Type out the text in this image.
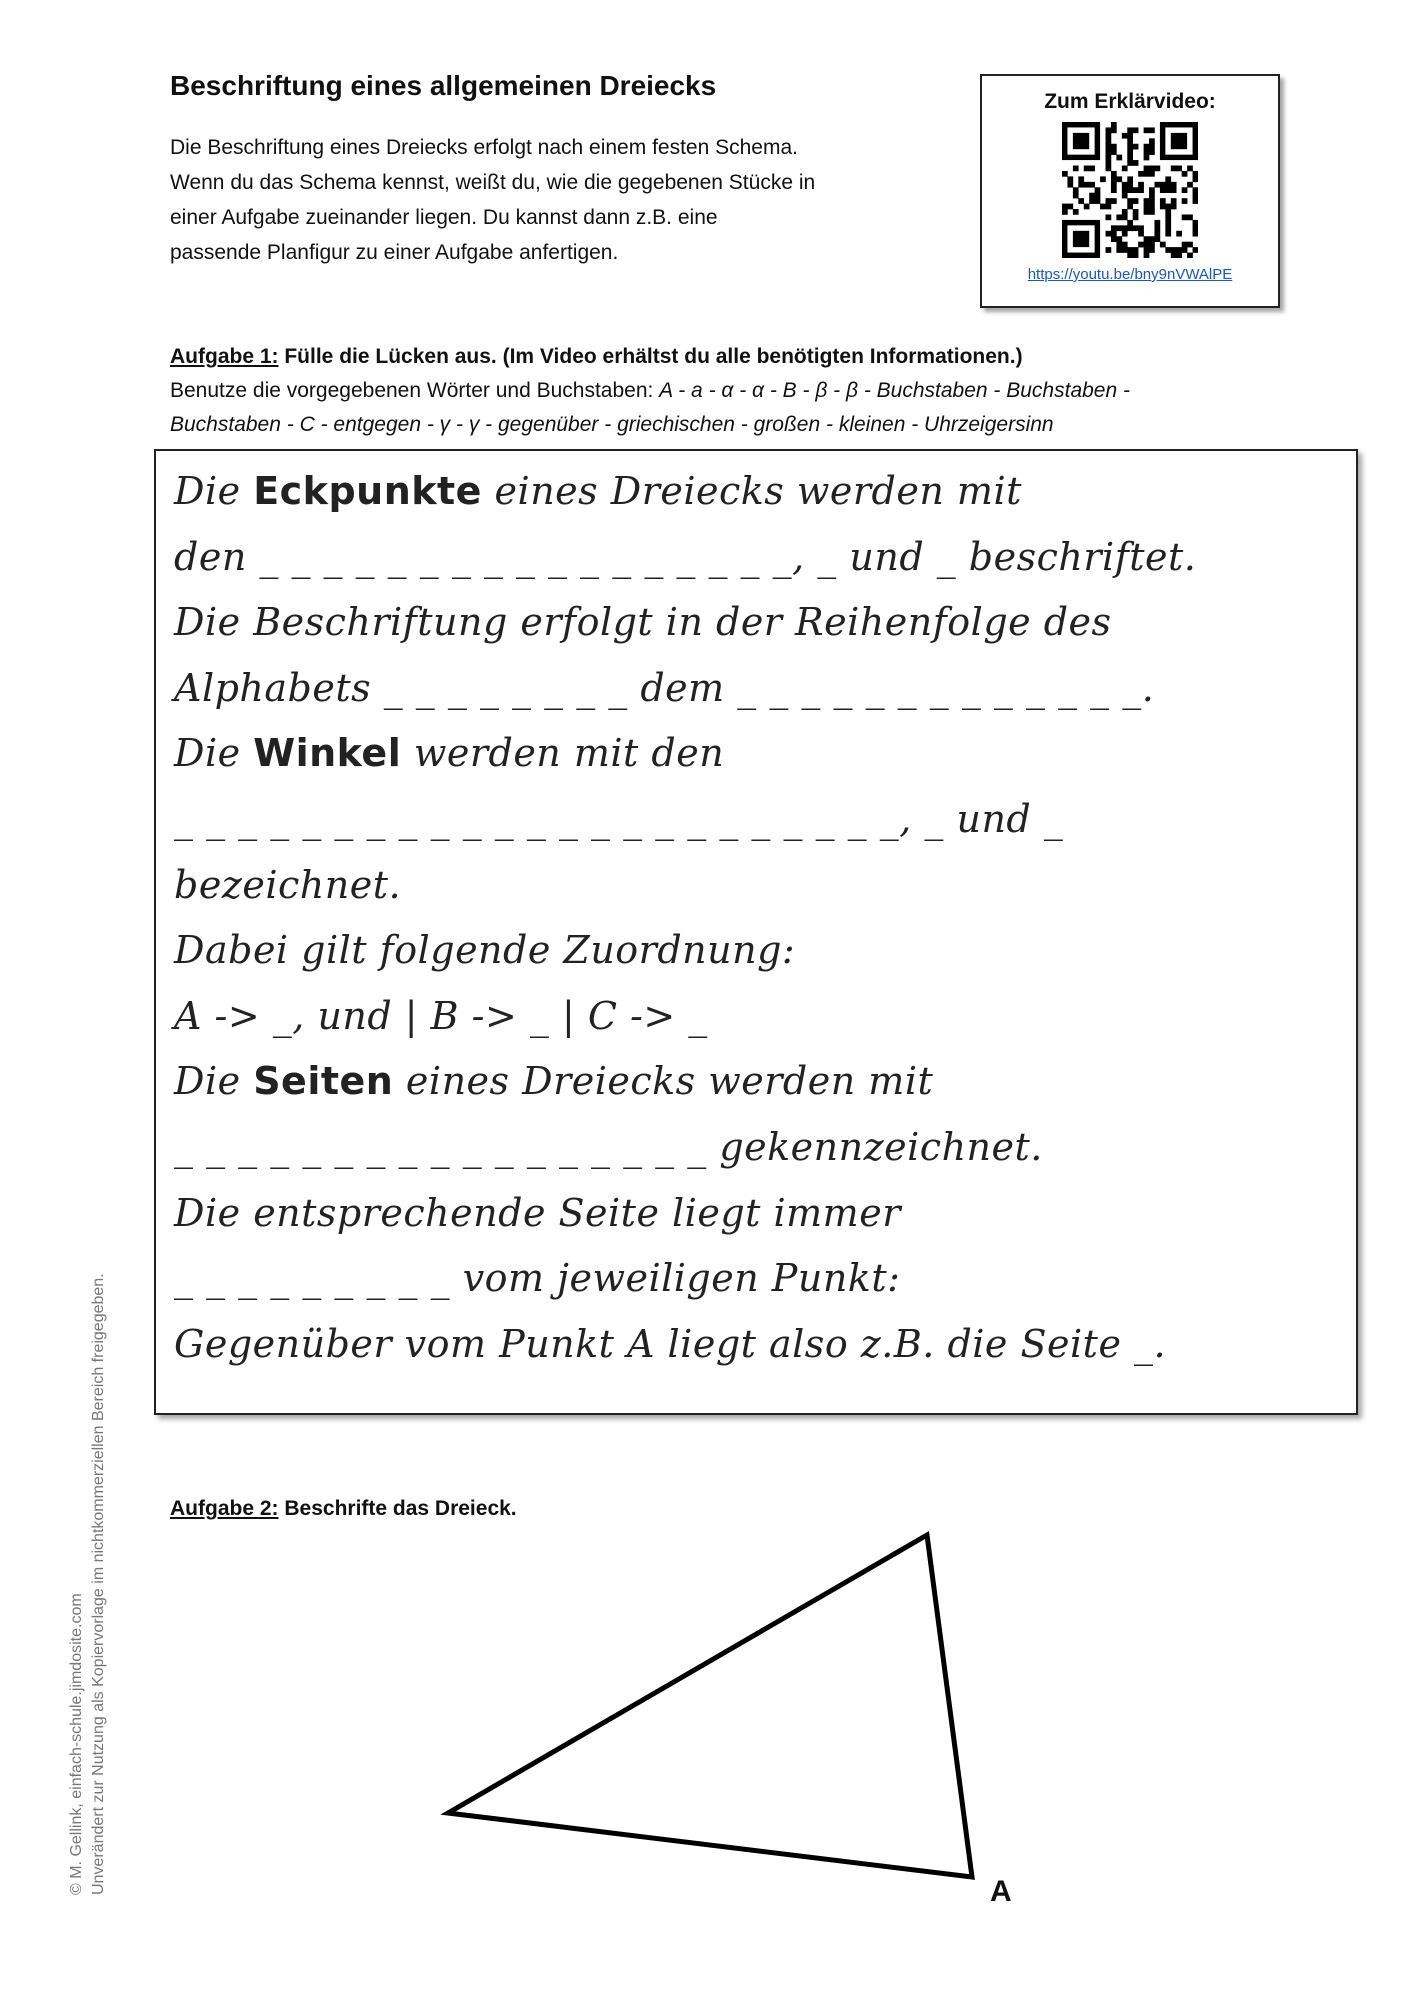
Beschriftung eines allgemeinen Dreiecks

Die Beschriftung eines Dreiecks erfolgt nach einem festen Schema.

Wenn du das Schema kennst, weißt du, wie die gegebenen Stücke in

einer Aufgabe zueinander liegen. Du kannst dann z.B. eine

passende Planfigur zu einer Aufgabe anfertigen.

Zum Erklärvideo:
https://youtu.be/bny9nVWAlPE
Aufgabe 1: Fülle die Lücken aus. (Im Video erhältst du alle benötigten Informationen.)
Benutze die vorgegebenen Wörter und Buchstaben: A - a - α - α - B - β - β - Buchstaben - Buchstaben -
Buchstaben - C - entgegen - γ - γ - gegenüber - griechischen - großen - kleinen - Uhrzeigersinn
Die Eckpunkte eines Dreiecks werden mit
den _ _ _ _ _ _ _ _ _ _ _ _ _ _ _ _ _, _ und _ beschriftet.
Die Beschriftung erfolgt in der Reihenfolge des
Alphabets _ _ _ _ _ _ _ _ dem _ _ _ _ _ _ _ _ _ _ _ _ _.
Die Winkel werden mit den
_ _ _ _ _ _ _ _ _ _ _ _ _ _ _ _ _ _ _ _ _ _ _, _ und _
bezeichnet.
Dabei gilt folgende Zuordnung:
A -> _, und | B -> _ | C -> _
Die Seiten eines Dreiecks werden mit
_ _ _ _ _ _ _ _ _ _ _ _ _ _ _ _ _ gekennzeichnet.
Die entsprechende Seite liegt immer
_ _ _ _ _ _ _ _ _ vom jeweiligen Punkt:
Gegenüber vom Punkt A liegt also z.B. die Seite _.
Aufgabe 2: Beschrifte das Dreieck.
A
© M. Gellink, einfach-schule.jimdosite.com Unverändert zur Nutzung als Kopiervorlage im nichtkommerziellen Bereich freigegeben.
